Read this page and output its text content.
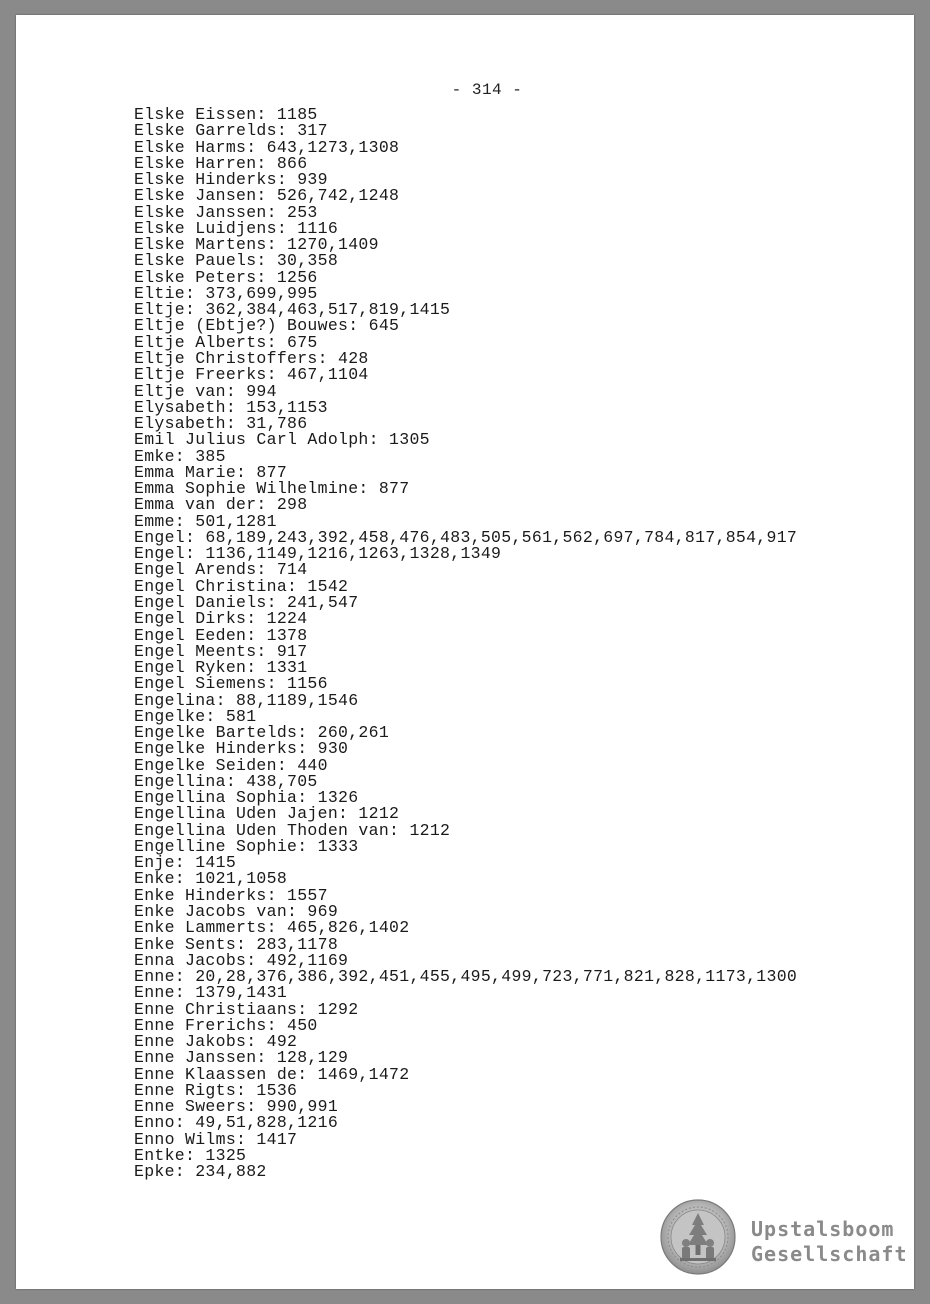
- 314 -
Elske Eissen: 1185
Elske Garrelds: 317
Elske Harms: 643,1273,1308
Elske Harren: 866
Elske Hinderks: 939
Elske Jansen: 526,742,1248
Elske Janssen: 253
Elske Luidjens: 1116
Elske Martens: 1270,1409
Elske Pauels: 30,358
Elske Peters: 1256
Eltie: 373,699,995
Eltje: 362,384,463,517,819,1415
Eltje (Ebtje?) Bouwes: 645
Eltje Alberts: 675
Eltje Christoffers: 428
Eltje Freerks: 467,1104
Eltje van: 994
Elysabeth: 153,1153
Elysabeth: 31,786
Emil Julius Carl Adolph: 1305
Emke: 385
Emma Marie: 877
Emma Sophie Wilhelmine: 877
Emma van der: 298
Emme: 501,1281
Engel: 68,189,243,392,458,476,483,505,561,562,697,784,817,854,917
Engel: 1136,1149,1216,1263,1328,1349
Engel Arends: 714
Engel Christina: 1542
Engel Daniels: 241,547
Engel Dirks: 1224
Engel Eeden: 1378
Engel Meents: 917
Engel Ryken: 1331
Engel Siemens: 1156
Engelina: 88,1189,1546
Engelke: 581
Engelke Bartelds: 260,261
Engelke Hinderks: 930
Engelke Seiden: 440
Engellina: 438,705
Engellina Sophia: 1326
Engellina Uden Jajen: 1212
Engellina Uden Thoden van: 1212
Engelline Sophie: 1333
Enje: 1415
Enke: 1021,1058
Enke Hinderks: 1557
Enke Jacobs van: 969
Enke Lammerts: 465,826,1402
Enke Sents: 283,1178
Enna Jacobs: 492,1169
Enne: 20,28,376,386,392,451,455,495,499,723,771,821,828,1173,1300
Enne: 1379,1431
Enne Christiaans: 1292
Enne Frerichs: 450
Enne Jakobs: 492
Enne Janssen: 128,129
Enne Klaassen de: 1469,1472
Enne Rigts: 1536
Enne Sweers: 990,991
Enno: 49,51,828,1216
Enno Wilms: 1417
Entke: 1325
Epke: 234,882
Upstalsboom
Gesellschaft
